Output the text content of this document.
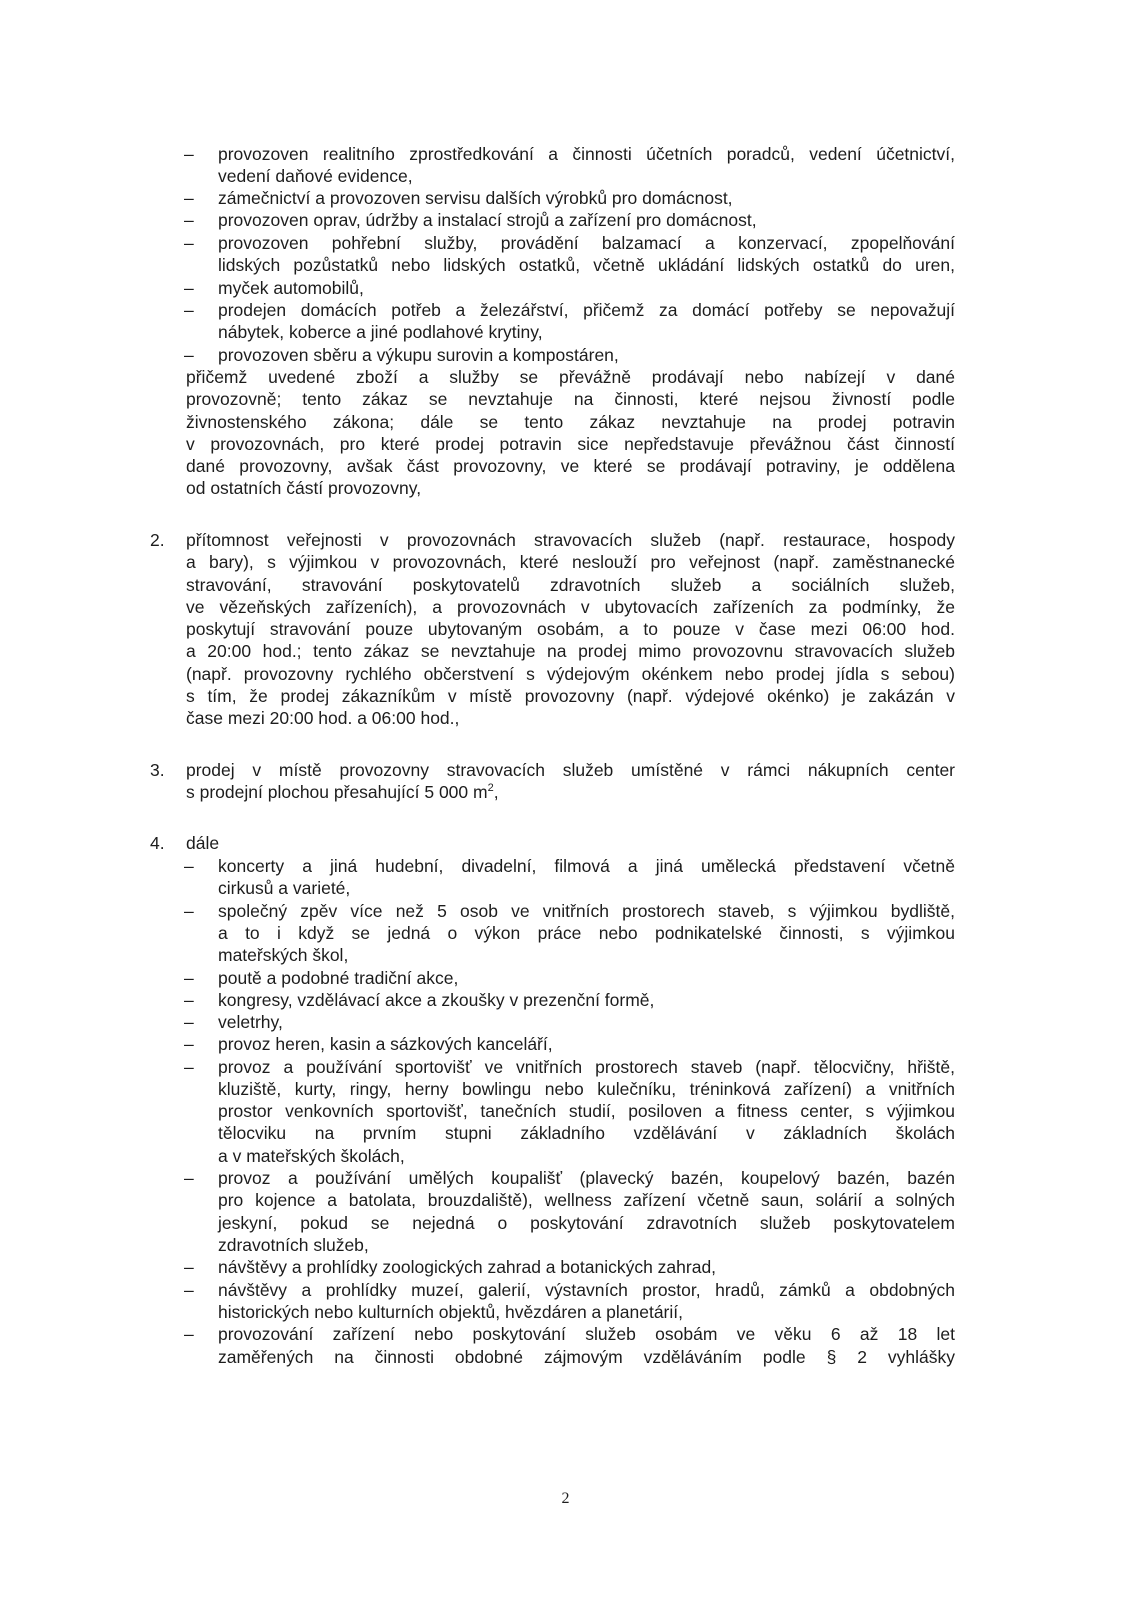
– provozoven realitního zprostředkování a činnosti účetních poradců, vedení účetnictví,
vedení daňové evidence,
– zámečnictví a provozoven servisu dalších výrobků pro domácnost,
– provozoven oprav, údržby a instalací strojů a zařízení pro domácnost,
– provozoven pohřební služby, provádění balzamací a konzervací, zpopelňování
lidských pozůstatků nebo lidských ostatků, včetně ukládání lidských ostatků do uren,
– myček automobilů,
– prodejen domácích potřeb a železářství, přičemž za domácí potřeby se nepovažují
nábytek, koberce a jiné podlahové krytiny,
– provozoven sběru a výkupu surovin a kompostáren,
přičemž uvedené zboží a služby se převážně prodávají nebo nabízejí v dané
provozovně; tento zákaz se nevztahuje na činnosti, které nejsou živností podle
živnostenského zákona; dále se tento zákaz nevztahuje na prodej potravin
v provozovnách, pro které prodej potravin sice nepředstavuje převážnou část činností
dané provozovny, avšak část provozovny, ve které se prodávají potraviny, je oddělena
od ostatních částí provozovny,
2. přítomnost veřejnosti v provozovnách stravovacích služeb (např. restaurace, hospody
a bary), s výjimkou v provozovnách, které neslouží pro veřejnost (např. zaměstnanecké
stravování, stravování poskytovatelů zdravotních služeb a sociálních služeb,
ve vězeňských zařízeních), a provozovnách v ubytovacích zařízeních za podmínky, že
poskytují stravování pouze ubytovaným osobám, a to pouze v čase mezi 06:00 hod.
a 20:00 hod.; tento zákaz se nevztahuje na prodej mimo provozovnu stravovacích služeb
(např. provozovny rychlého občerstvení s výdejovým okénkem nebo prodej jídla s sebou)
s tím, že prodej zákazníkům v místě provozovny (např. výdejové okénko) je zakázán v
čase mezi 20:00 hod. a 06:00 hod.,
3. prodej v místě provozovny stravovacích služeb umístěné v rámci nákupních center
s prodejní plochou přesahující 5 000 $m^2$,
4. dále
– koncerty a jiná hudební, divadelní, filmová a jiná umělecká představení včetně
cirkusů a varieté,
– společný zpěv více než 5 osob ve vnitřních prostorech staveb, s výjimkou bydliště,
a to i když se jedná o výkon práce nebo podnikatelské činnosti, s výjimkou
mateřských škol,
– poutě a podobné tradiční akce,
– kongresy, vzdělávací akce a zkoušky v prezenční formě,
– veletrhy,
– provoz heren, kasin a sázkových kanceláří,
– provoz a používání sportovišť ve vnitřních prostorech staveb (např. tělocvičny, hřiště,
kluziště, kurty, ringy, herny bowlingu nebo kulečníku, tréninková zařízení) a vnitřních
prostor venkovních sportovišť, tanečních studií, posiloven a fitness center, s výjimkou
tělocviku na prvním stupni základního vzdělávání v základních školách
a v mateřských školách,
– provoz a používání umělých koupališť (plavecký bazén, koupelový bazén, bazén
pro kojence a batolata, brouzdaliště), wellness zařízení včetně saun, solárií a solných
jeskyní, pokud se nejedná o poskytování zdravotních služeb poskytovatelem
zdravotních služeb,
– návštěvy a prohlídky zoologických zahrad a botanických zahrad,
– návštěvy a prohlídky muzeí, galerií, výstavních prostor, hradů, zámků a obdobných
historických nebo kulturních objektů, hvězdáren a planetárií,
– provozování zařízení nebo poskytování služeb osobám ve věku 6 až 18 let
zaměřených na činnosti obdobné zájmovým vzděláváním podle § 2 vyhlášky
2
